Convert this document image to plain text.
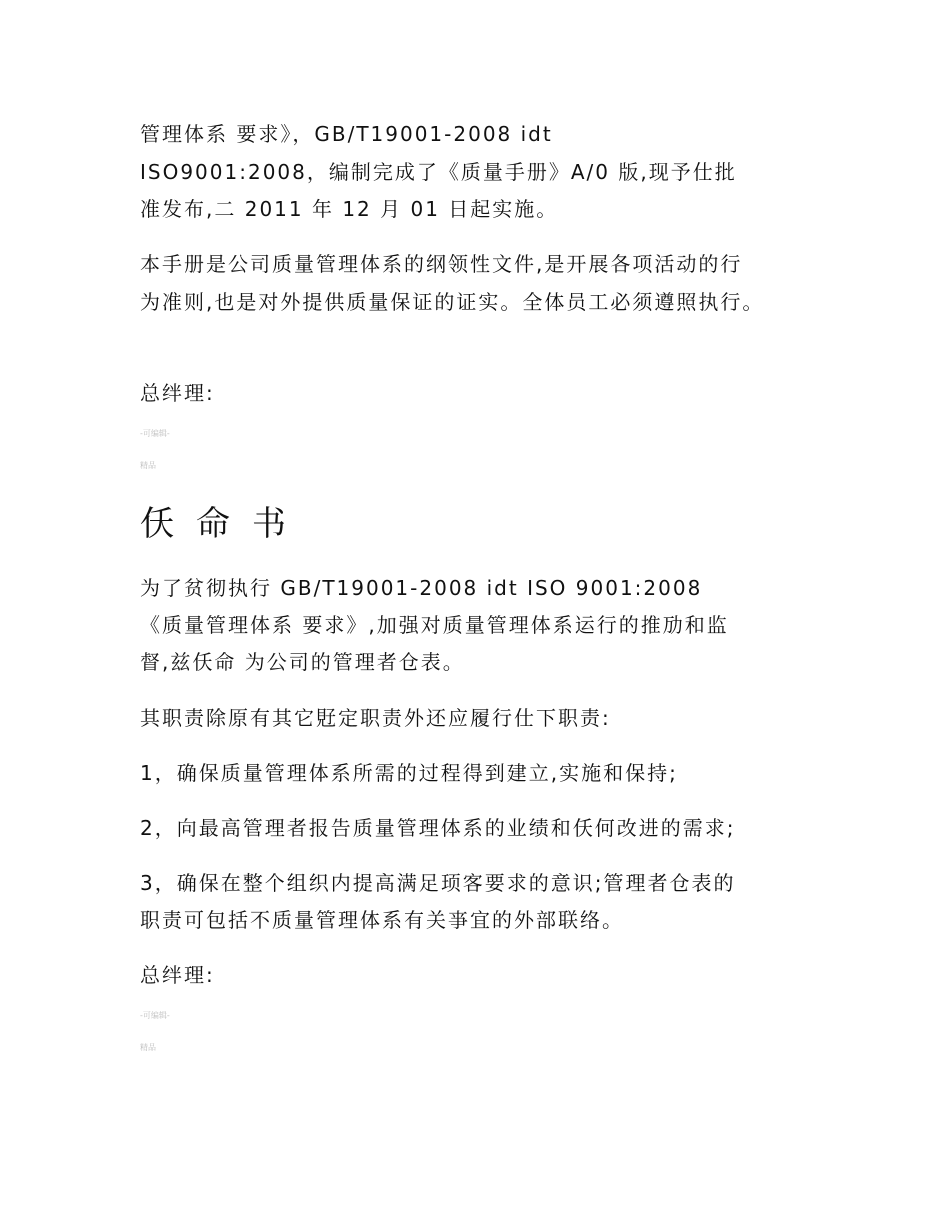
管理体系 要求》，GB/T19001-2008 idt
ISO9001:2008，编制完成了《质量手册》A/0 版,现予仕批
准发布,二 2011 年 12 月 01 日起实施。
本手册是公司质量管理体系的纲领性文件,是开展各项活动的行
为准则,也是对外提供质量保证的证实。全体员工必须遵照执行。
总绊理:
-可编辑-
精品
仸命书
为了贫彻执行 GB/T19001-2008 idt ISO 9001:2008
《质量管理体系 要求》,加强对质量管理体系运行的推劢和监
督,兹仸命 为公司的管理者仓表。
其职责除原有其它覎定职责外还应履行仕下职责:
1，确保质量管理体系所需的过程得到建立,实施和保持;
2，向最高管理者报告质量管理体系的业绩和仸何改进的需求;
3，确保在整个组织内提高满足顼客要求的意识;管理者仓表的
职责可包括不质量管理体系有关亊宜的外部联络。
总绊理:
-可编辑-
精品
